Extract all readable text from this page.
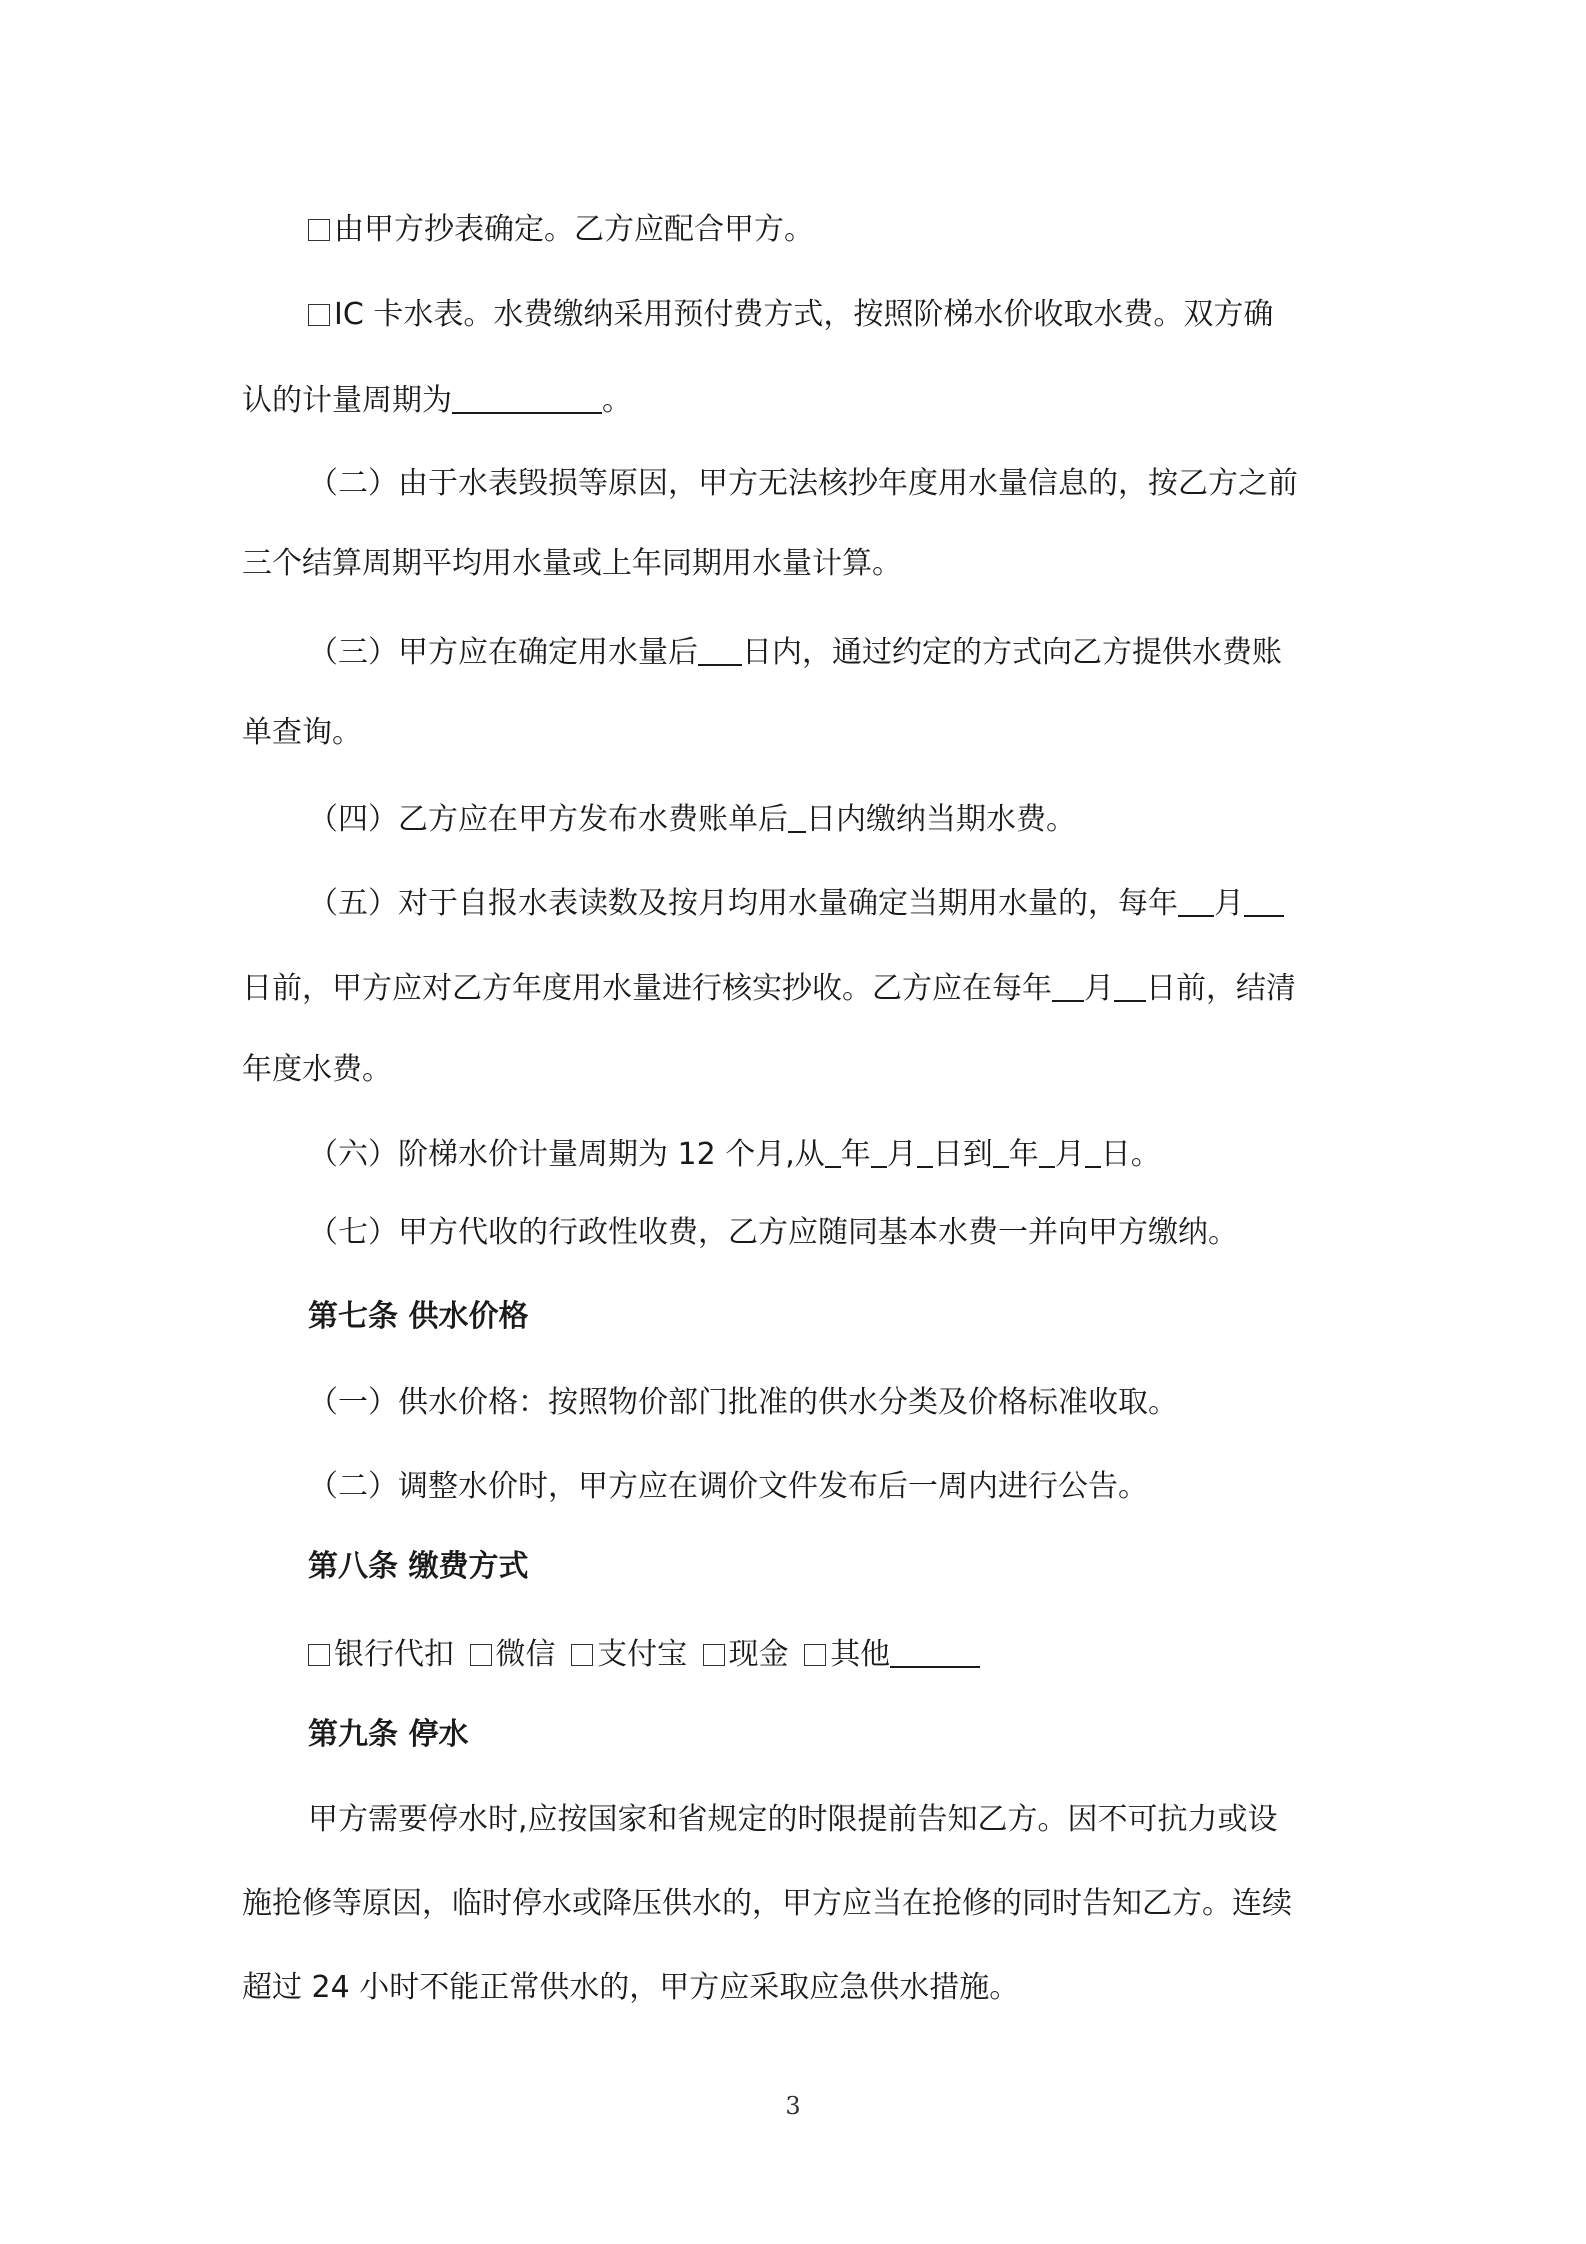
由甲方抄表确定。乙方应配合甲方。
IC 卡水表。水费缴纳采用预付费方式，按照阶梯水价收取水费。双方确
认的计量周期为	。
（二）由于水表毁损等原因，甲方无法核抄年度用水量信息的，按乙方之前
三个结算周期平均用水量或上年同期用水量计算。
（三）甲方应在确定用水量后 日内，通过约定的方式向乙方提供水费账
单查询。
（四）乙方应在甲方发布水费账单后 日内缴纳当期水费。
（五）对于自报水表读数及按月均用水量确定当期用水量的，每年 月
日前，甲方应对乙方年度用水量进行核实抄收。乙方应在每年 月 日前，结清
年度水费。
（六）阶梯水价计量周期为 12 个月,从 年 月 日到 年 月 日。
（七）甲方代收的行政性收费，乙方应随同基本水费一并向甲方缴纳。
第七条 供水价格
（一）供水价格：按照物价部门批准的供水分类及价格标准收取。
（二）调整水价时，甲方应在调价文件发布后一周内进行公告。
第八条 缴费方式
银行代扣 微信 支付宝 现金 其他
第九条 停水
甲方需要停水时,应按国家和省规定的时限提前告知乙方。因不可抗力或设
施抢修等原因，临时停水或降压供水的，甲方应当在抢修的同时告知乙方。连续
超过 24 小时不能正常供水的，甲方应采取应急供水措施。
3
